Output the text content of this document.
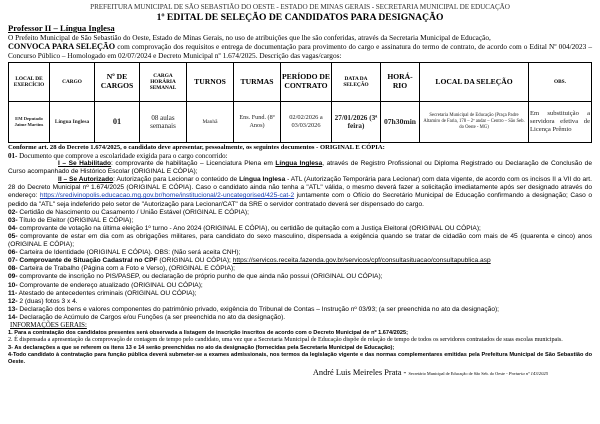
PREFEITURA MUNICIPAL DE SÃO SEBASTIÃO DO OESTE - ESTADO DE MINAS GERAIS - SECRETARIA MUNICIPAL DE EDUCAÇÃO
1º EDITAL DE SELEÇÃO DE CANDIDATOS PARA DESIGNAÇÃO
Professor II – Língua Inglesa
O Prefeito Municipal de São Sebastião do Oeste, Estado de Minas Gerais, no uso de atribuições que lhe são conferidas, através da Secretaria Municipal de Educação,
CONVOCA PARA SELEÇÃO com comprovação dos requisitos e entrega de documentação para provimento do cargo e assinatura do termo de contrato, de acordo com o Edital Nº 004/2023 – Concurso Público – Homologado em 02/07/2024 e Decreto Municipal nº 1.674/2025. Descrição das vagas/cargos:
LOCAL DE EXERCÍCIO	CARGO	Nº DE CARGOS	CARGA HORÁRIA SEMANAL	TURNOS	TURMAS	PERÍODO DE CONTRATO	DATA DA SELEÇÃO	HORÁ-RIO	LOCAL DA SELEÇÃO	OBS.
EM Deputado Jaime Martins	Língua Inglesa	01	08 aulas semanais	Manhã	Ens. Fund. (8º Anos)	02/02/2026 a 03/03/2026	27/01/2026 (3ª feira)	07h30min	Secretaria Municipal de Educação (Praça Padre Altamiro de Faria, 178 – 2º andar – Centro – São Seb. do Oeste - MG)	Em substituição a servidora efetiva de Licença Prêmio
Conforme art. 28 do Decreto 1.674/2025, o candidato deve apresentar, pessoalmente, os seguintes documentos - ORIGINAL E CÓPIA:
01- Documento que comprove a escolaridade exigida para o cargo concorrido:
I – Se Habilitado: comprovante de habilitação – Licenciatura Plena em Língua Inglesa, através de Registro Profissional ou Diploma Registrado ou Declaração de Conclusão de Curso acompanhado de Histórico Escolar (ORIGINAL E CÓPIA);
II – Se Autorizado: Autorização para Lecionar o conteúdo de Língua Inglesa - ATL (Autorização Temporária para Lecionar) com data vigente, de acordo com os incisos II a VII do art. 28 do Decreto Municipal nº 1.674/2025 (ORIGINAL E CÓPIA). Caso o candidato ainda não tenha a "ATL" válida, o mesmo deverá fazer a solicitação imediatamente após ser designado através do endereço: https://sredivinopolis.educacao.mg.gov.br/home/institucional/2-uncategorised/425-cat-2 juntamente com o Ofício do Secretário Municipal de Educação confirmando a designação; Caso o pedido da "ATL" seja indeferido pelo setor de "Autorização para Lecionar/CAT" da SRE o servidor contratado deverá ser dispensado do cargo.
02- Certidão de Nascimento ou Casamento / União Estável (ORIGINAL E CÓPIA);
03- Título de Eleitor (ORIGINAL E CÓPIA);
04- comprovante de votação na última eleição 1º turno - Ano 2024 (ORIGINAL E CÓPIA), ou certidão de quitação com a Justiça Eleitoral (ORIGINAL OU CÓPIA);
05- comprovante de estar em dia com as obrigações militares, para candidato do sexo masculino, dispensada a exigência quando se tratar de cidadão com mais de 45 (quarenta e cinco) anos (ORIGINAL E CÓPIA);
06- Carteira de Identidade (ORIGINAL E CÓPIA). OBS: (Não será aceita CNH);
07- Comprovante de Situação Cadastral no CPF (ORIGINAL OU CÓPIA); https://servicos.receita.fazenda.gov.br/servicos/cpf/consultasituacao/consultapublica.asp
08- Carteira de Trabalho (Página com a Foto e Verso), (ORIGINAL E CÓPIA);
09- comprovante de inscrição no PIS/PASEP, ou declaração de próprio punho de que ainda não possui (ORIGINAL OU CÓPIA);
10- Comprovante de endereço atualizado (ORIGINAL OU CÓPIA);
11- Atestado de antecedentes criminais (ORIGINAL OU CÓPIA);
12- 2 (duas) fotos 3 x 4.
13- Declaração dos bens e valores componentes do patrimônio privado, exigência do Tribunal de Contas – Instrução nº 03/93; (a ser preenchida no ato da designação);
14- Declaração de Acúmulo de Cargos e/ou Funções (a ser preenchida no ato da designação).
INFORMAÇÕES GERAIS:
1. Para a contratação dos candidatos presentes será observada a listagem de inscrição inscritos de acordo com o Decreto Municipal de nº 1.674/2025;
2. É dispensada a apresentação da comprovação de contagem de tempo pelo candidato, uma vez que a Secretaria Municipal de Educação dispõe de relação de tempo de todos os servidores contratados de suas escolas municipais.
3- As declarações a que se referem os itens 13 e 14 serão preenchidas no ato da designação (fornecidas pela Secretaria Municipal de Educação);
4-Todo candidato à contratação para função pública deverá submeter-se a exames admissionais, nos termos da legislação vigente e das normas complementares emitidas pela Prefeitura Municipal de São Sebastião do Oeste.
André Luis Meireles Prata - Secretário Municipal de Educação de São Seb. do Oeste - Portaria nº 143/2025
